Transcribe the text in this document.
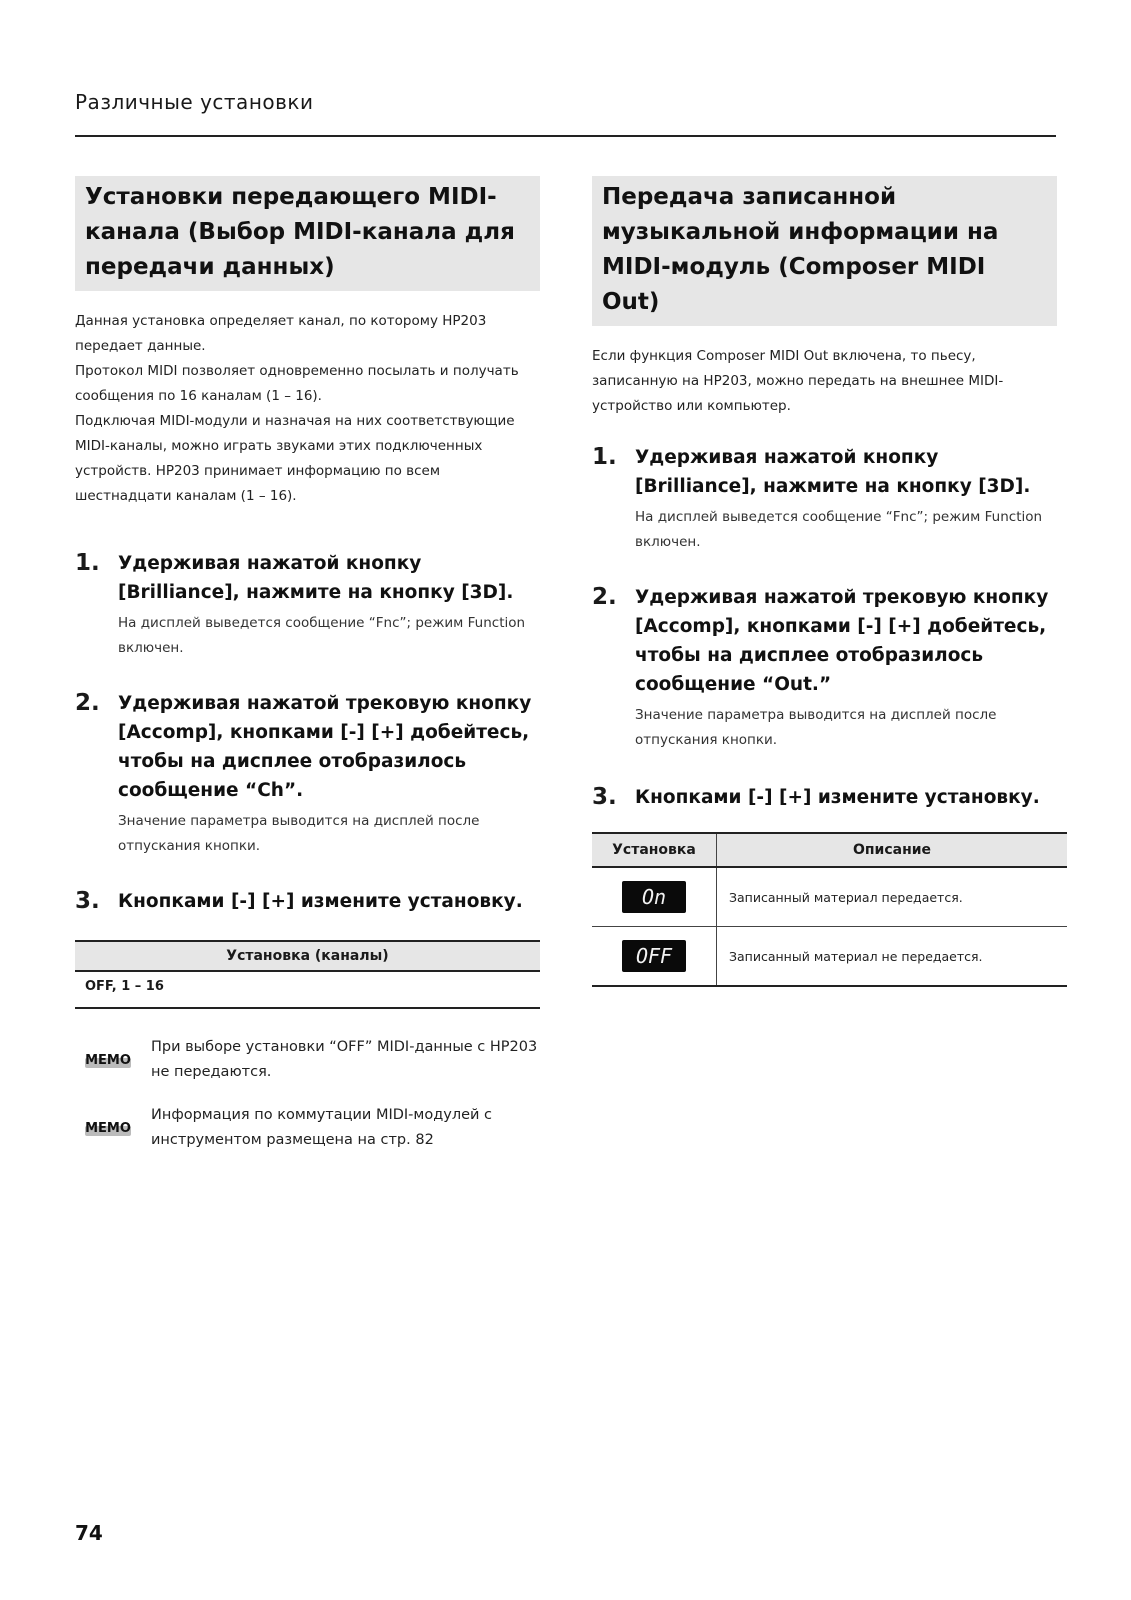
Различные установки
Установки передающего MIDI-канала (Выбор MIDI-канала для передачи данных)

Данная установка определяет канал, по которому HP203 передает данные.

Протокол MIDI позволяет одновременно посылать и получать сообщения по 16 каналам (1 – 16).

Подключая MIDI-модули и назначая на них соответствующие MIDI-каналы, можно играть звуками этих подключенных устройств. HP203 принимает информацию по всем шестнадцати каналам (1 – 16).

1. Удерживая нажатой кнопку [Brilliance], нажмите на кнопку [3D].
На дисплей выведется сообщение “Fnc”; режим Function включен.
2. Удерживая нажатой трековую кнопку [Accomp], кнопками [-] [+] добейтесь, чтобы на дисплее отобразилось сообщение “Ch”.
Значение параметра выводится на дисплей после отпускания кнопки.
3. Кнопками [-] [+] измените установку.
Установка (каналы)
OFF, 1 – 16
MEMO
При выборе установки “OFF” MIDI-данные с HP203 не передаются.
MEMO
Информация по коммутации MIDI-модулей с инструментом размещена на стр. 82
Передача записанной музыкальной информации на MIDI-модуль (Composer MIDI Out)
Если функция Composer MIDI Out включена, то пьесу, записанную на HP203, можно передать на внешнее MIDI-устройство или компьютер.
1. Удерживая нажатой кнопку [Brilliance], нажмите на кнопку [3D].
На дисплей выведется сообщение “Fnc”; режим Function включен.
2. Удерживая нажатой трековую кнопку [Accomp], кнопками [-] [+] добейтесь, чтобы на дисплее отобразилось сообщение “Out.”
Значение параметра выводится на дисплей после отпускания кнопки.
3. Кнопками [-] [+] измените установку.
Установка	Описание

On	Записанный материал передается.

OFF	Записанный материал не передается.
74
